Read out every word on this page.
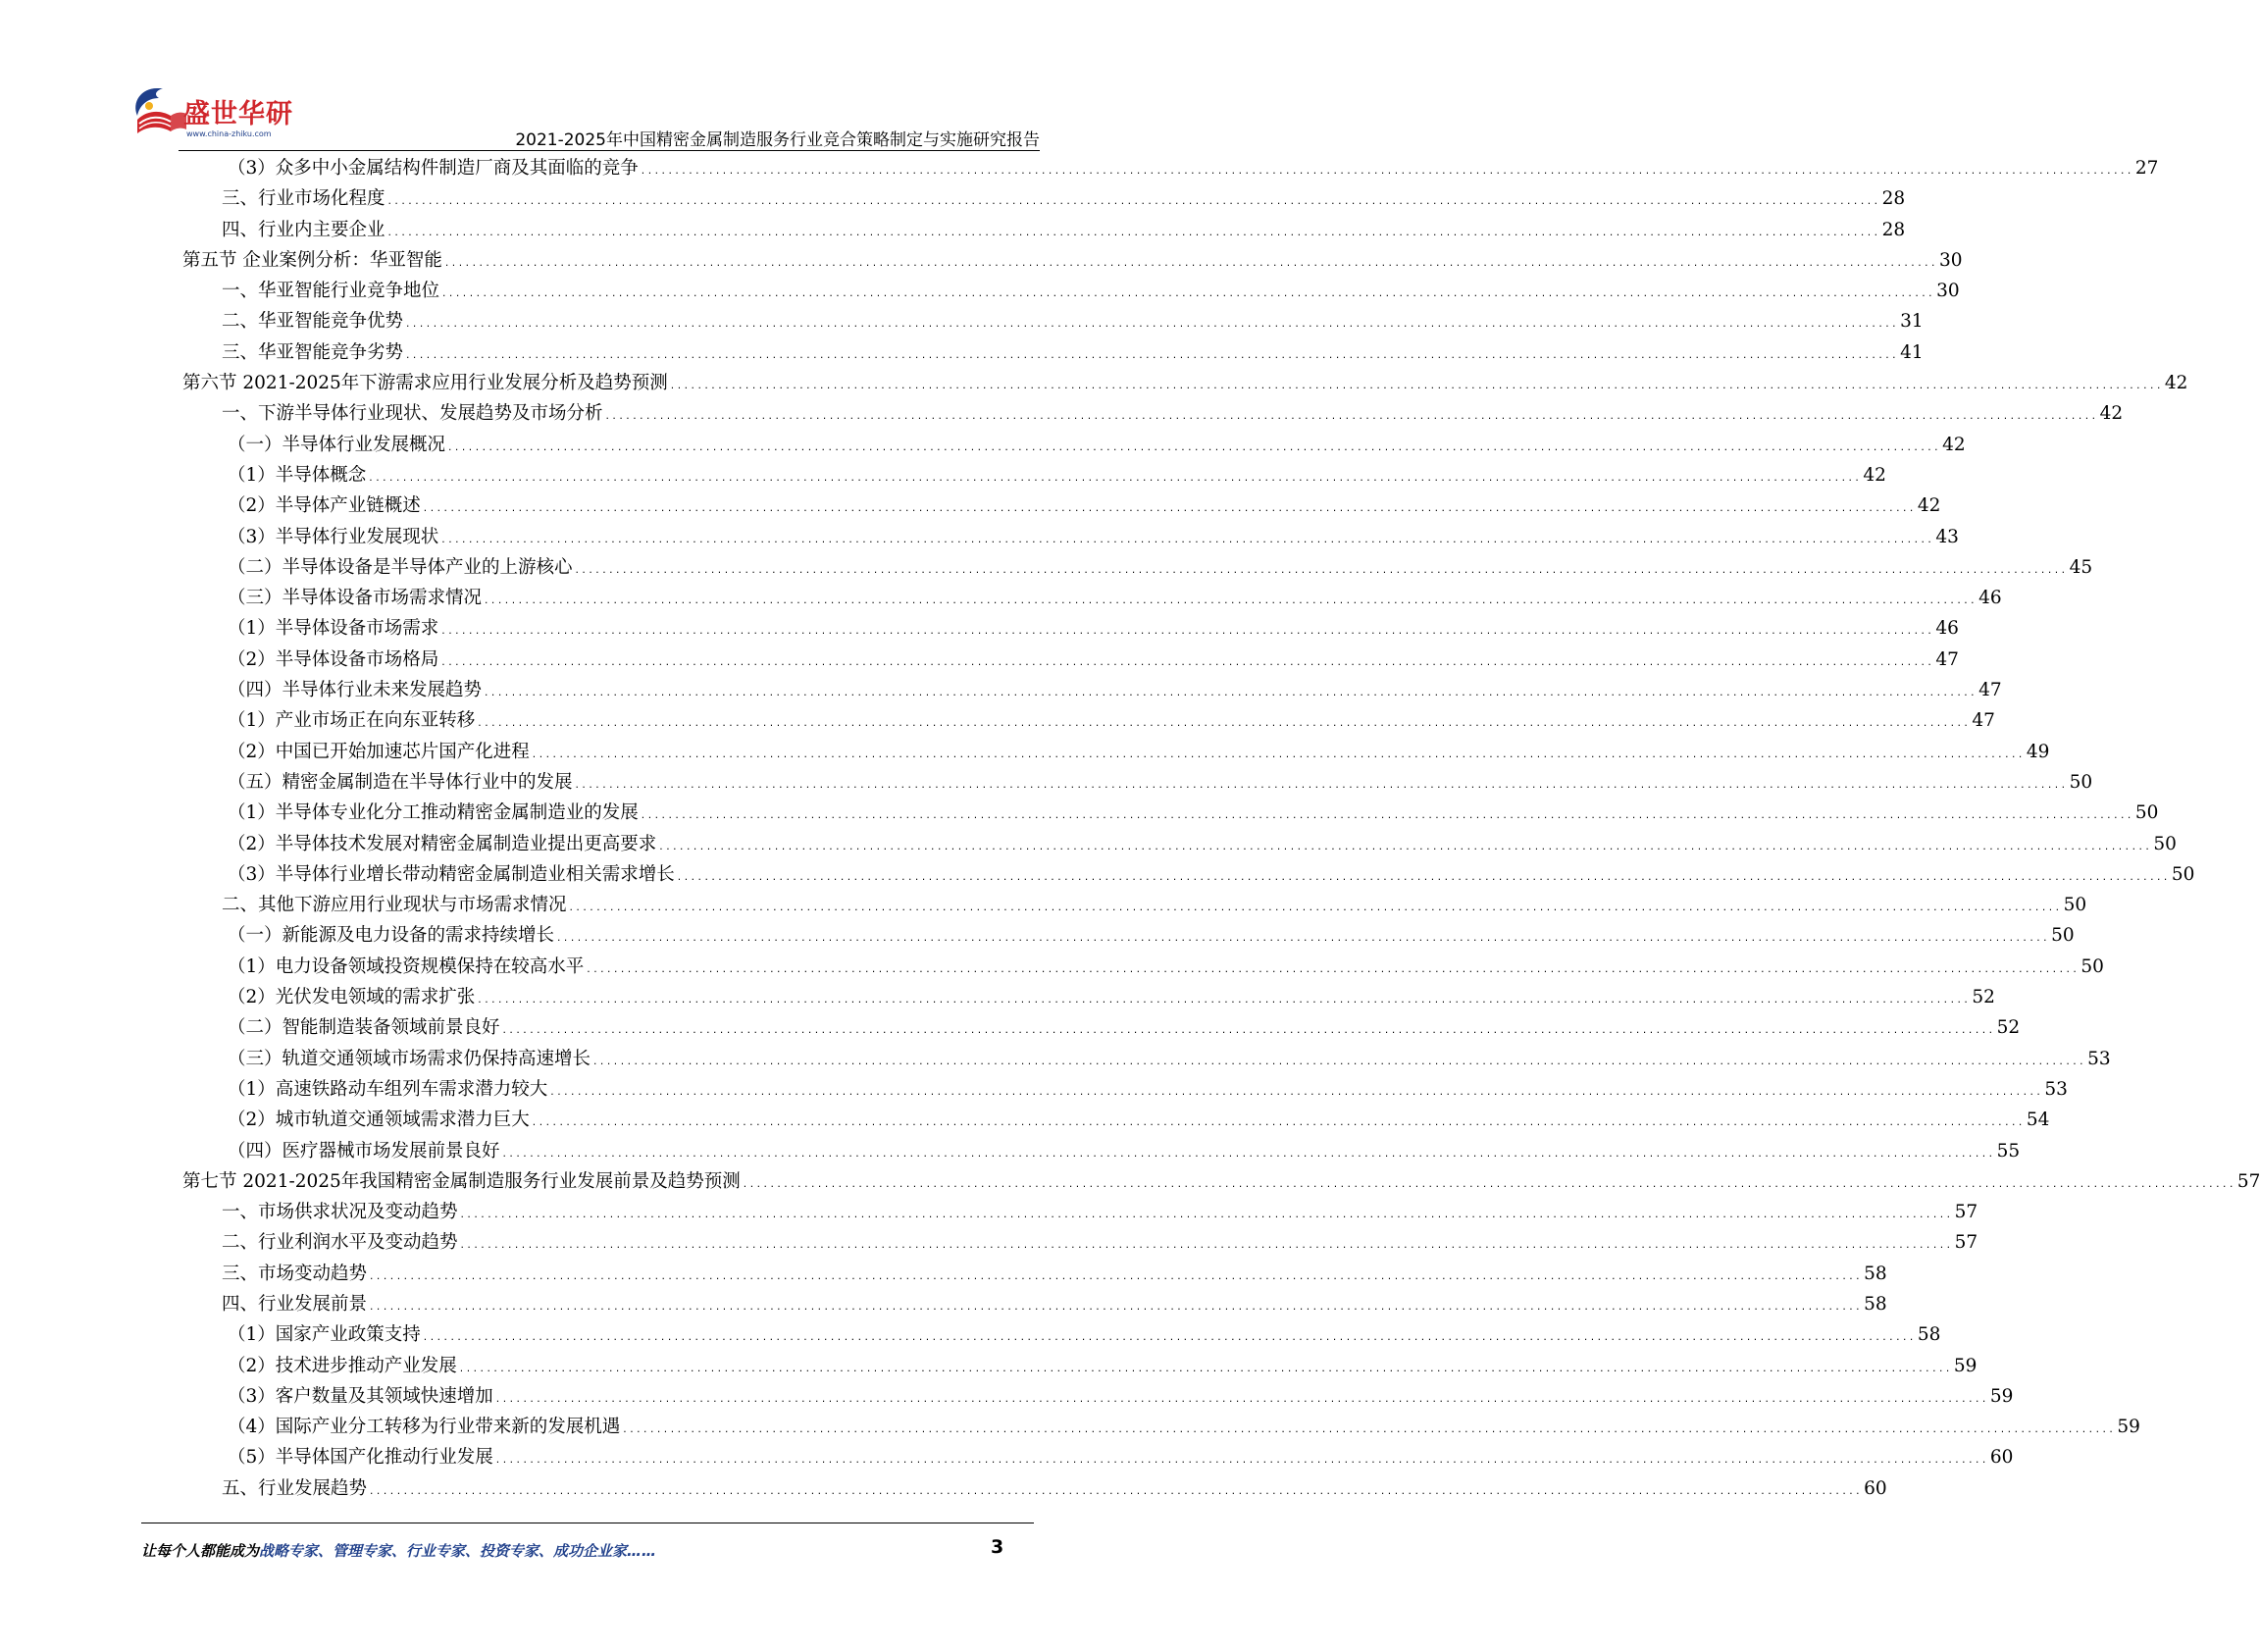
盛世华研
www.china-zhiku.com	2021-2025年中国精密金属制造服务行业竞合策略制定与实施研究报告
（3）众多中小金属结构件制造厂商及其面临的竞争 ............................................................................................................................................................................................................................ 27
三、行业市场化程度 ............................................................................................................................................................................................................................ 28
四、行业内主要企业 ............................................................................................................................................................................................................................ 28
第五节 企业案例分析：华亚智能 ............................................................................................................................................................................................................................ 30
一、华亚智能行业竞争地位 ............................................................................................................................................................................................................................ 30
二、华亚智能竞争优势 ............................................................................................................................................................................................................................ 31
三、华亚智能竞争劣势 ............................................................................................................................................................................................................................ 41
第六节 2021-2025年下游需求应用行业发展分析及趋势预测 ............................................................................................................................................................................................................................ 42
一、下游半导体行业现状、发展趋势及市场分析 ............................................................................................................................................................................................................................ 42
（一）半导体行业发展概况 ............................................................................................................................................................................................................................ 42
（1）半导体概念 ............................................................................................................................................................................................................................ 42
（2）半导体产业链概述 ............................................................................................................................................................................................................................ 42
（3）半导体行业发展现状 ............................................................................................................................................................................................................................ 43
（二）半导体设备是半导体产业的上游核心 ............................................................................................................................................................................................................................ 45
（三）半导体设备市场需求情况 ............................................................................................................................................................................................................................ 46
（1）半导体设备市场需求 ............................................................................................................................................................................................................................ 46
（2）半导体设备市场格局 ............................................................................................................................................................................................................................ 47
（四）半导体行业未来发展趋势 ............................................................................................................................................................................................................................ 47
（1）产业市场正在向东亚转移 ............................................................................................................................................................................................................................ 47
（2）中国已开始加速芯片国产化进程 ............................................................................................................................................................................................................................ 49
（五）精密金属制造在半导体行业中的发展 ............................................................................................................................................................................................................................ 50
（1）半导体专业化分工推动精密金属制造业的发展 ............................................................................................................................................................................................................................ 50
（2）半导体技术发展对精密金属制造业提出更高要求 ............................................................................................................................................................................................................................ 50
（3）半导体行业增长带动精密金属制造业相关需求增长 ............................................................................................................................................................................................................................ 50
二、其他下游应用行业现状与市场需求情况 ............................................................................................................................................................................................................................ 50
（一）新能源及电力设备的需求持续增长 ............................................................................................................................................................................................................................ 50
（1）电力设备领域投资规模保持在较高水平 ............................................................................................................................................................................................................................ 50
（2）光伏发电领域的需求扩张 ............................................................................................................................................................................................................................ 52
（二）智能制造装备领域前景良好 ............................................................................................................................................................................................................................ 52
（三）轨道交通领域市场需求仍保持高速增长 ............................................................................................................................................................................................................................ 53
（1）高速铁路动车组列车需求潜力较大 ............................................................................................................................................................................................................................ 53
（2）城市轨道交通领域需求潜力巨大 ............................................................................................................................................................................................................................ 54
（四）医疗器械市场发展前景良好 ............................................................................................................................................................................................................................ 55
第七节 2021-2025年我国精密金属制造服务行业发展前景及趋势预测 ............................................................................................................................................................................................................................ 57
一、市场供求状况及变动趋势 ............................................................................................................................................................................................................................ 57
二、行业利润水平及变动趋势 ............................................................................................................................................................................................................................ 57
三、市场变动趋势 ............................................................................................................................................................................................................................ 58
四、行业发展前景 ............................................................................................................................................................................................................................ 58
（1）国家产业政策支持 ............................................................................................................................................................................................................................ 58
（2）技术进步推动产业发展 ............................................................................................................................................................................................................................ 59
（3）客户数量及其领域快速增加 ............................................................................................................................................................................................................................ 59
（4）国际产业分工转移为行业带来新的发展机遇 ............................................................................................................................................................................................................................ 59
（5）半导体国产化推动行业发展 ............................................................................................................................................................................................................................ 60
五、行业发展趋势 ............................................................................................................................................................................................................................ 60
让每个人都能成为战略专家、管理专家、行业专家、投资专家、成功企业家……	3
